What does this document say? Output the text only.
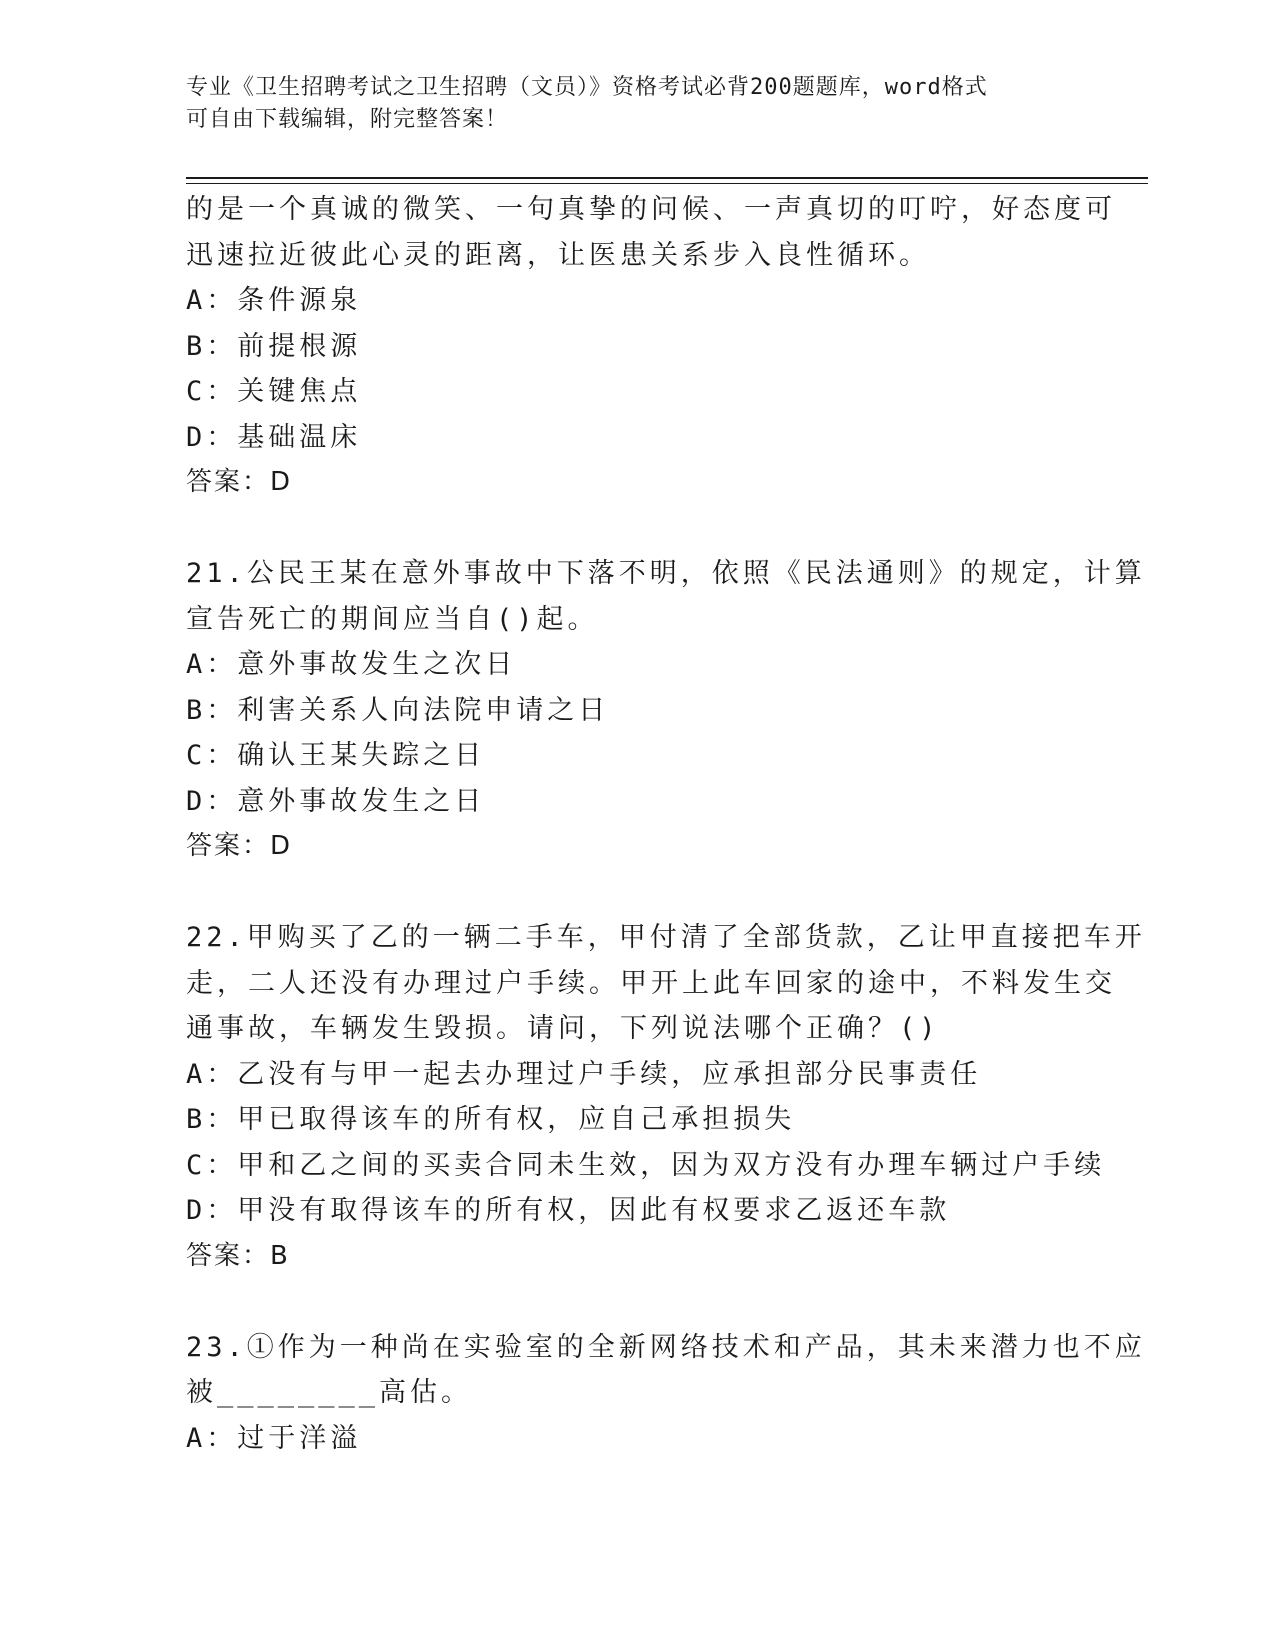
专业《卫生招聘考试之卫生招聘（文员）》资格考试必背200题题库，word格式
可自由下载编辑，附完整答案！
的是一个真诚的微笑、一句真挚的问候、一声真切的叮咛，好态度可
迅速拉近彼此心灵的距离，让医患关系步入良性循环。
A：条件源泉
B：前提根源
C：关键焦点
D：基础温床
答案：D
21.公民王某在意外事故中下落不明，依照《民法通则》的规定，计算
宣告死亡的期间应当自()起。
A：意外事故发生之次日
B：利害关系人向法院申请之日
C：确认王某失踪之日
D：意外事故发生之日
答案：D
22.甲购买了乙的一辆二手车，甲付清了全部货款，乙让甲直接把车开
走，二人还没有办理过户手续。甲开上此车回家的途中，不料发生交
通事故，车辆发生毁损。请问，下列说法哪个正确？()
A：乙没有与甲一起去办理过户手续，应承担部分民事责任
B：甲已取得该车的所有权，应自己承担损失
C：甲和乙之间的买卖合同未生效，因为双方没有办理车辆过户手续
D：甲没有取得该车的所有权，因此有权要求乙返还车款
答案：B
23.①作为一种尚在实验室的全新网络技术和产品，其未来潜力也不应
被________高估。
A：过于洋溢
